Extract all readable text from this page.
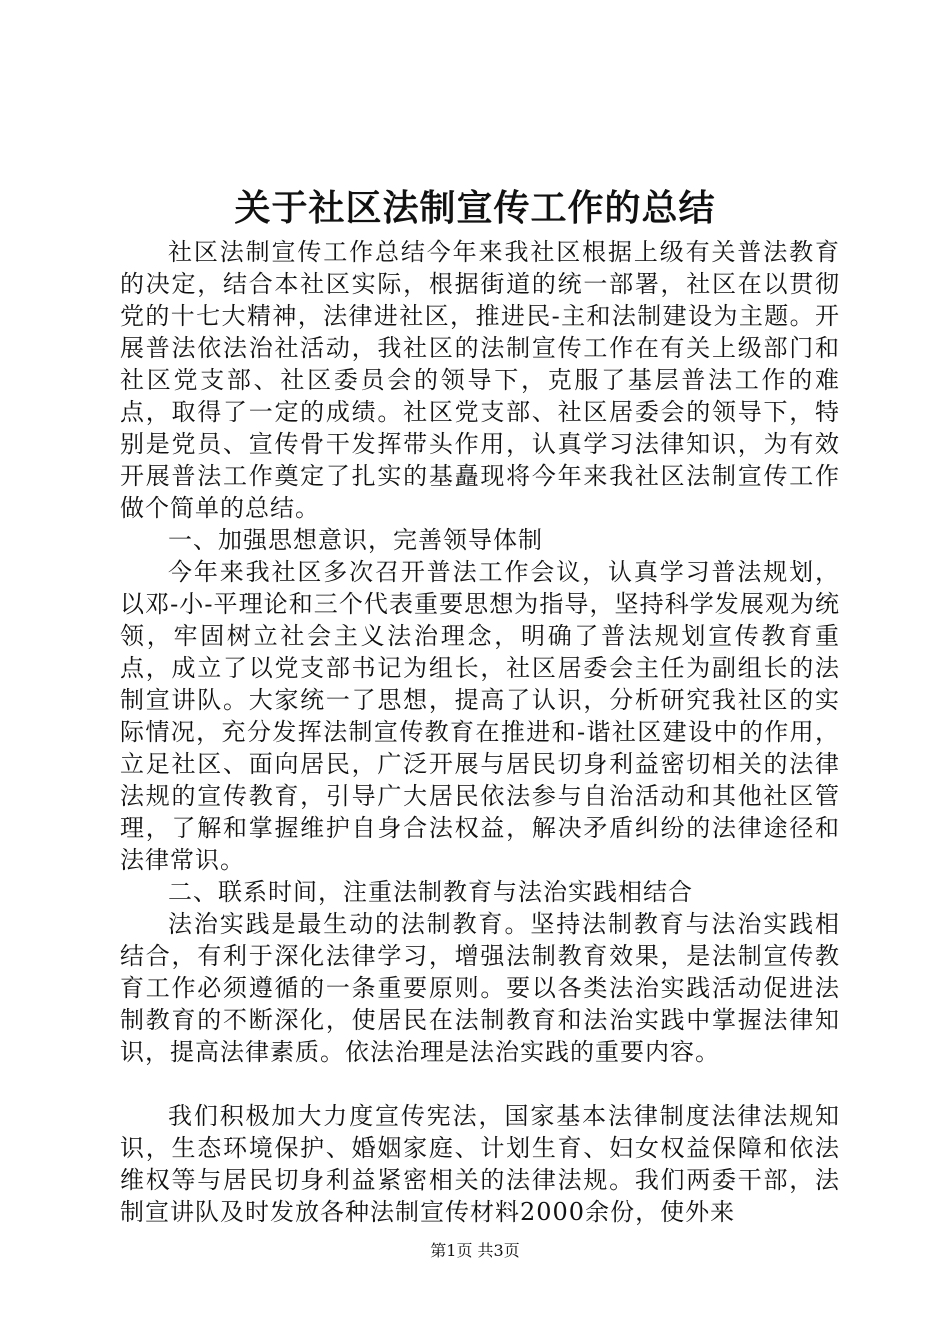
关于社区法制宣传工作的总结

社区法制宣传工作总结今年来我社区根据上级有关普法教育的决定，结合本社区实际，根据街道的统一部署，社区在以贯彻党的十七大精神，法律进社区，推进民-主和法制建设为主题。开展普法依法治社活动，我社区的法制宣传工作在有关上级部门和社区党支部、社区委员会的领导下，克服了基层普法工作的难点，取得了一定的成绩。社区党支部、社区居委会的领导下，特别是党员、宣传骨干发挥带头作用，认真学习法律知识，为有效开展普法工作奠定了扎实的基矗现将今年来我社区法制宣传工作做个简单的总结。

一、加强思想意识，完善领导体制

今年来我社区多次召开普法工作会议，认真学习普法规划，以邓-小-平理论和三个代表重要思想为指导，坚持科学发展观为统领，牢固树立社会主义法治理念，明确了普法规划宣传教育重点，成立了以党支部书记为组长，社区居委会主任为副组长的法制宣讲队。大家统一了思想，提高了认识，分析研究我社区的实际情况，充分发挥法制宣传教育在推进和-谐社区建设中的作用，立足社区、面向居民，广泛开展与居民切身利益密切相关的法律法规的宣传教育，引导广大居民依法参与自治活动和其他社区管理，了解和掌握维护自身合法权益，解决矛盾纠纷的法律途径和法律常识。

二、联系时间，注重法制教育与法治实践相结合

法治实践是最生动的法制教育。坚持法制教育与法治实践相结合，有利于深化法律学习，增强法制教育效果，是法制宣传教育工作必须遵循的一条重要原则。要以各类法治实践活动促进法制教育的不断深化，使居民在法制教育和法治实践中掌握法律知识，提高法律素质。依法治理是法治实践的重要内容。

我们积极加大力度宣传宪法，国家基本法律制度法律法规知识，生态环境保护、婚姻家庭、计划生育、妇女权益保障和依法维权等与居民切身利益紧密相关的法律法规。我们两委干部，法制宣讲队及时发放各种法制宣传材料2000余份，使外来

第1页 共3页
